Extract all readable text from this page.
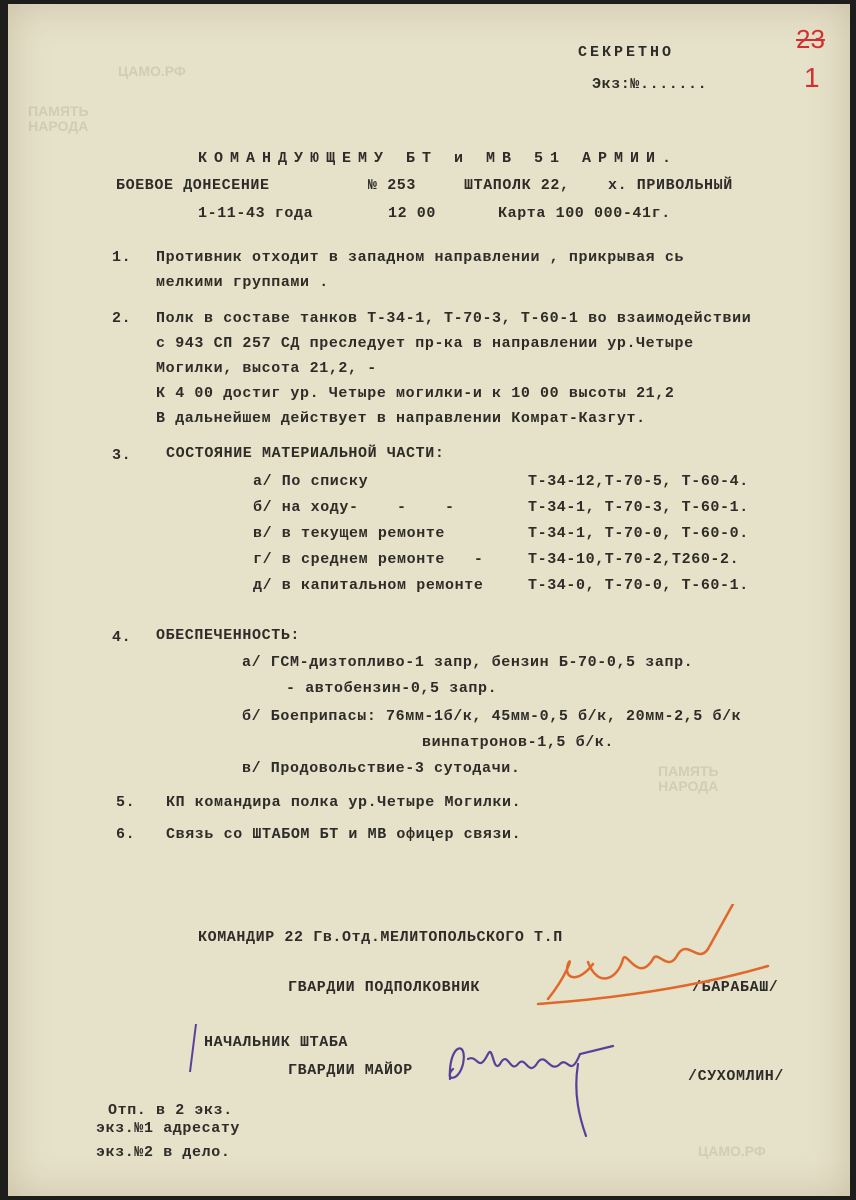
ПАМЯТЬ
НАРОДА
ЦАМО.РФ
ПАМЯТЬ
НАРОДА
ЦАМО.РФ
23
1
СЕКРЕТНО
Экз:№.......
КОМАНДУЮЩЕМУ БТ и МВ 51 АРМИИ.
БОЕВОЕ ДОНЕСЕНИЕ	№ 253	ШТАПОЛК 22,	х. ПРИВОЛЬНЫЙ
1-11-43 года	12 00	Карта 100 000-41г.
1. Противник отходит в западном направлении , прикрывая сь
мелкими группами .
2. Полк в составе танков Т-34-1, Т-70-3, Т-60-1 во взаимодействии
с 943 СП 257 СД преследует пр-ка в направлении ур.Четыре
Могилки, высота 21,2, -
К 4 00 достиг ур. Четыре могилки-и к 10 00 высоты 21,2
В дальнейшем действует в направлении Комрат-Казгут.
3. СОСТОЯНИЕ МАТЕРИАЛЬНОЙ ЧАСТИ:
а/ По списку	Т-34-12,Т-70-5, Т-60-4.
б/ на ходу-    -    -	Т-34-1, Т-70-3, Т-60-1.
в/ в текущем ремонте	Т-34-1, Т-70-0, Т-60-0.
г/ в среднем ремонте   -	Т-34-10,Т-70-2,Т260-2.
д/ в капитальном ремонте	Т-34-0, Т-70-0, Т-60-1.
4. ОБЕСПЕЧЕННОСТЬ:
а/ ГСМ-дизтопливо-1 запр, бензин Б-70-0,5 запр.
- автобензин-0,5 запр.
б/ Боеприпасы: 76мм-1б/к, 45мм-0,5 б/к, 20мм-2,5 б/к
винпатронов-1,5 б/к.
в/ Продовольствие-3 сутодачи.
5. КП командира полка ур.Четыре Могилки.
6. Связь со ШТАБОМ БТ и МВ офицер связи.
КОМАНДИР 22 Гв.Отд.МЕЛИТОПОЛЬСКОГО Т.П
ГВАРДИИ ПОДПОЛКОВНИК	/БАРАБАШ/
НАЧАЛЬНИК ШТАБА
ГВАРДИИ МАЙОР	/СУХОМЛИН/
Отп. в 2 экз.
экз.№1 адресату
экз.№2 в дело.
